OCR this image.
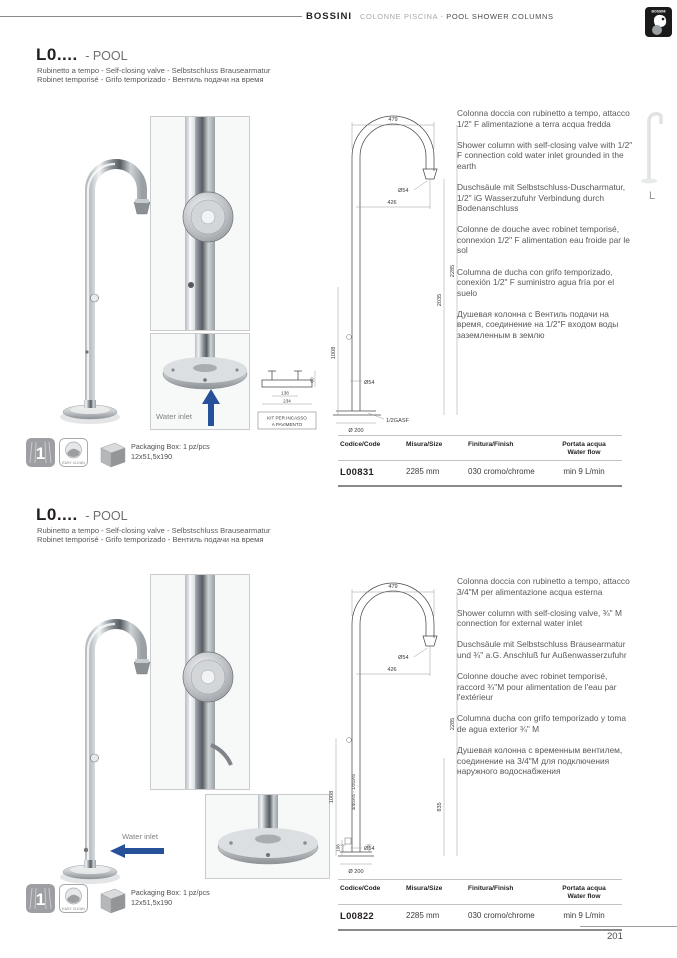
BOSSINI COLONNE PISCINA - POOL SHOWER COLUMNS
BOSSINI
L0.... - POOL
Rubinetto a tempo - Self-closing valve - Selbstschluss Brausearmatur
Robinet temporisé - Grifo temporizado - Вентиль подачи на время
Water inlet
479
Ø54
426
2285
2035
1008
Ø54
Ø 200
1/2GASF
138
234
60
KIT PER INCASSO
A PAVIMENTO

Colonna doccia con rubinetto a tempo, attacco 1/2" F alimentazione a terra acqua fredda

Shower column with self-closing valve with 1/2" F connection cold water inlet grounded in the earth

Duschsäule mit Selbstschluss-Duscharmatur, 1/2" iG Wasserzufuhr Verbindung durch Bodenanschluss

Colonne de douche avec robinet temporisé, connexion 1/2" F alimentation eau froide par le sol

Columna de ducha con grifo temporizado, conexión 1/2" F suministro agua fría por el suelo

Душевая колонна с Вентиль подачи на время, соединение на 1/2"F входом воды заземленным в землю

1	EASY CLEAN
Packaging Box: 1 pz/pcs
12x51,5x190
Codice/Code	Misura/Size	Finitura/Finish	Portata acqua
Water flow
L00831	2285 mm	030 cromo/chrome	min 9 L/min
L0.... - POOL
Rubinetto a tempo - Self-closing valve - Selbstschluss Brausearmatur
Robinet temporisé - Grifo temporizado - Вентиль подачи на время
Water inlet
479
Ø54
426
2285
835
1008	3/4GAS - 1/2GAS
106	Ø54
Ø 200

Colonna doccia con rubinetto a tempo, attacco 3/4"M per alimentazione acqua esterna

Shower column with self-closing valve, ¾" M connection for external water inlet

Duschsäule mit Selbstschluss Brausearmatur und ¾" a.G. Anschluß fur Außenwasserzufuhr

Colonne douche avec robinet temporisé, raccord ¾"M pour alimentation de l'eau par l'extérieur

Columna ducha con grifo temporizado y toma de agua exterior ¾" M

Душевая колонна с временным вентилем, соединение на 3/4"M для подключения наружного водоснабжения

1	EASY CLEAN
Packaging Box: 1 pz/pcs
12x51,5x190
Codice/Code	Misura/Size	Finitura/Finish	Portata acqua
Water flow
L00822	2285 mm	030 cromo/chrome	min 9 L/min
L
201
